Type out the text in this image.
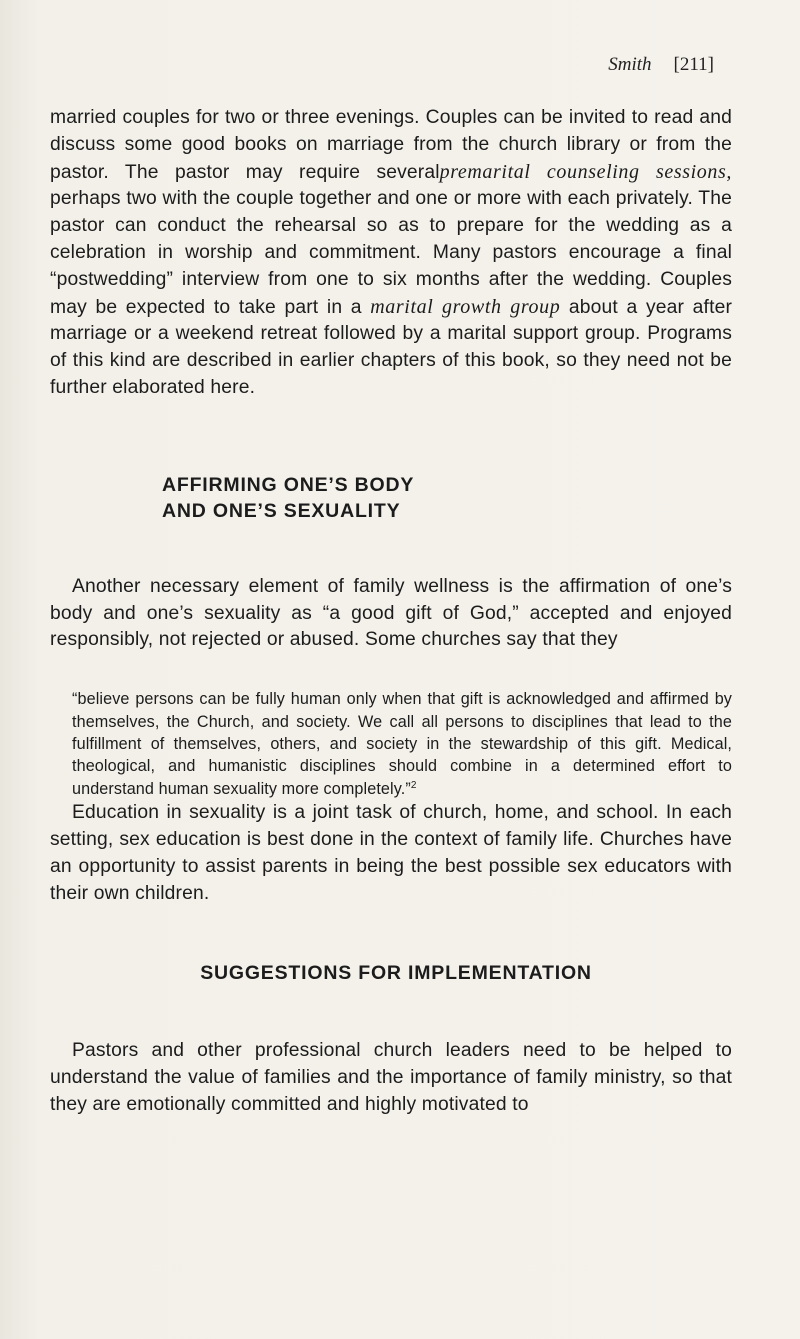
Smith [211]

married couples for two or three evenings. Couples can be invited to read and discuss some good books on marriage from the church library or from the pastor. The pastor may require severalpremarital counseling sessions, perhaps two with the couple together and one or more with each privately. The pastor can conduct the rehearsal so as to prepare for the wedding as a celebration in worship and commitment. Many pastors encourage a final “postwedding” interview from one to six months after the wedding. Couples may be expected to take part in a marital growth group about a year after marriage or a weekend retreat followed by a marital support group. Programs of this kind are described in earlier chapters of this book, so they need not be further elaborated here.

AFFIRMING ONE’S BODY
AND ONE’S SEXUALITY

Another necessary element of family wellness is the affirmation of one’s body and one’s sexuality as “a good gift of God,” accepted and enjoyed responsibly, not rejected or abused. Some churches say that they

“believe persons can be fully human only when that gift is acknowledged and affirmed by themselves, the Church, and society. We call all persons to disciplines that lead to the fulfillment of themselves, others, and society in the stewardship of this gift. Medical, theological, and humanistic disciplines should combine in a determined effort to understand human sexuality more completely.”$^2$

Education in sexuality is a joint task of church, home, and school. In each setting, sex education is best done in the context of family life. Churches have an opportunity to assist parents in being the best possible sex educators with their own children.

SUGGESTIONS FOR IMPLEMENTATION

Pastors and other professional church leaders need to be helped to understand the value of families and the importance of family ministry, so that they are emotionally committed and highly motivated to
